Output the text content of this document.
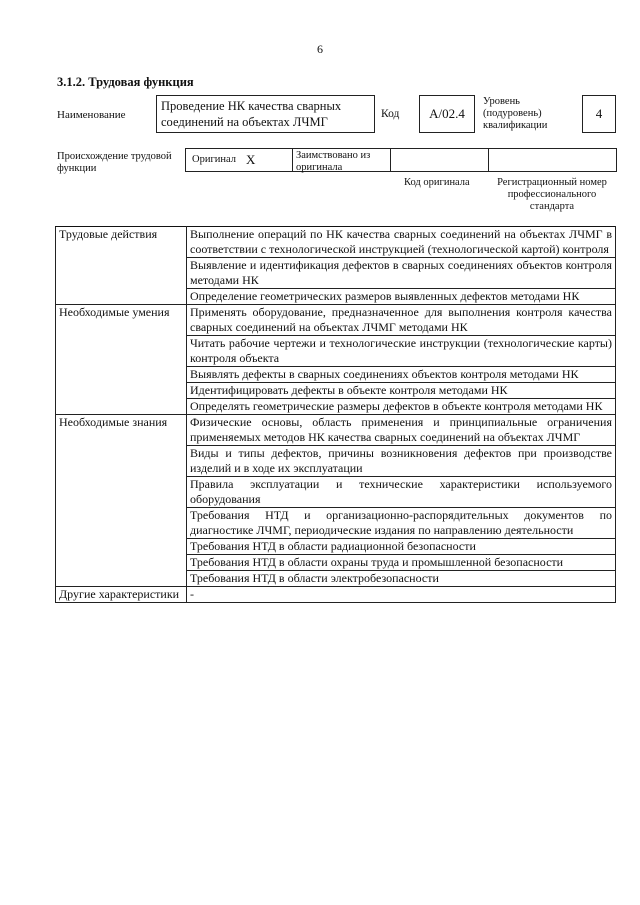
6
3.1.2. Трудовая функция
Наименование
Проведение НК качества сварных соединений на объектах ЛЧМГ
Код	А/02.4
Уровень
(подуровень)
квалификации
4
Происхождение трудовой
функции
Оригинал X	Заимствовано из
оригинала
Код оригинала	Регистрационный номер
профессионального
стандарта
Трудовые действия	Выполнение операций по НК качества сварных соединений на объектах ЛЧМГ в соответствии с технологической инструкцией (технологической картой) контроля
	Выявление и идентификация дефектов в сварных соединениях объектов контроля методами НК
	Определение геометрических размеров выявленных дефектов методами НК
Необходимые умения	Применять оборудование, предназначенное для выполнения контроля качества сварных соединений на объектах ЛЧМГ методами НК
	Читать рабочие чертежи и технологические инструкции (технологические карты) контроля объекта
	Выявлять дефекты в сварных соединениях объектов контроля методами НК
	Идентифицировать дефекты в объекте контроля методами НК
	Определять геометрические размеры дефектов в объекте контроля методами НК
Необходимые знания	Физические основы, область применения и принципиальные ограничения применяемых методов НК качества сварных соединений на объектах ЛЧМГ
	Виды и типы дефектов, причины возникновения дефектов при производстве изделий и в ходе их эксплуатации
	Правила эксплуатации и технические характеристики используемого оборудования
	Требования НТД и организационно-распорядительных документов по диагностике ЛЧМГ, периодические издания по направлению деятельности
	Требования НТД в области радиационной безопасности
	Требования НТД в области охраны труда и промышленной безопасности
	Требования НТД в области электробезопасности
Другие характеристики	-
